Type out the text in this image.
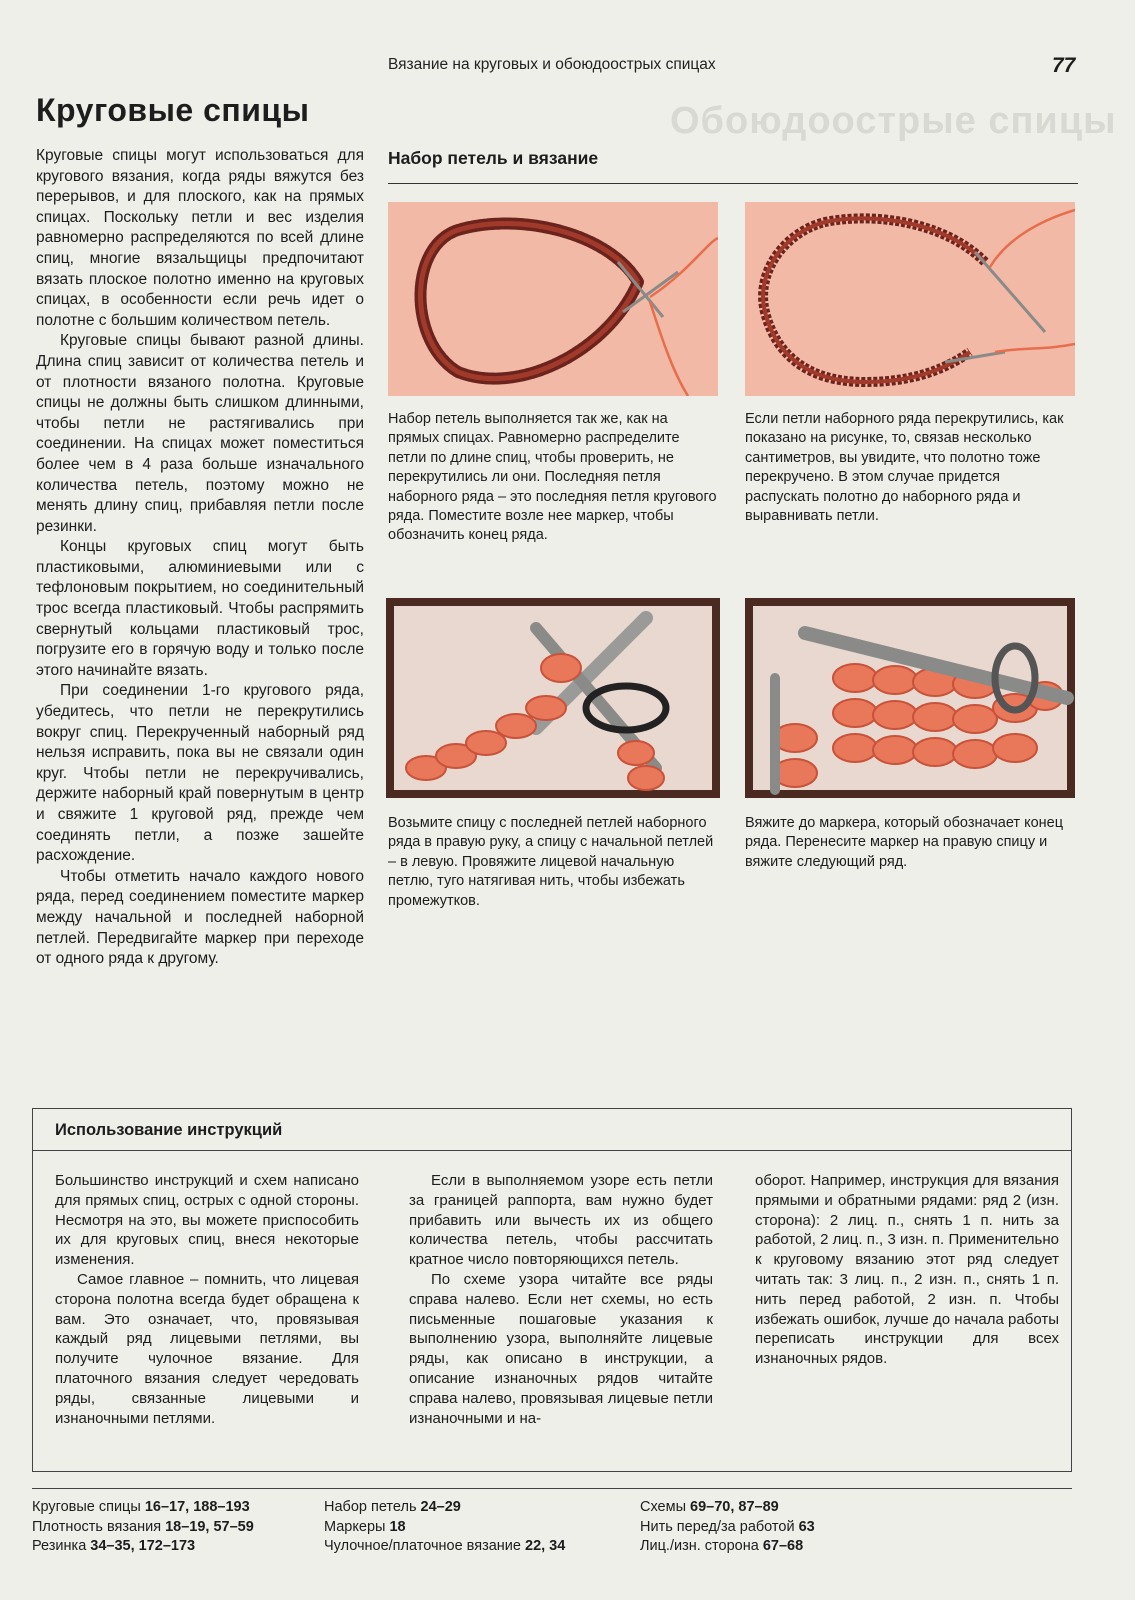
Обоюдоострые спицы
Вязание на круговых и обоюдоострых спицах	77
Круговые спицы

Круговые спицы могут использоваться для кругового вязания, когда ряды вяжутся без перерывов, и для плоского, как на прямых спицах. Поскольку петли и вес изделия равномерно распределяются по всей длине спиц, многие вязальщицы предпочитают вязать плоское полотно именно на круговых спицах, в особенности если речь идет о полотне с большим количеством петель.

Круговые спицы бывают разной длины. Длина спиц зависит от количества петель и от плотности вязаного полотна. Круговые спицы не должны быть слишком длинными, чтобы петли не растягивались при соединении. На спицах может поместиться более чем в 4 раза больше изначального количества петель, поэтому можно не менять длину спиц, прибавляя петли после резинки.

Концы круговых спиц могут быть пластиковыми, алюминиевыми или с тефлоновым покрытием, но соединительный трос всегда пластиковый. Чтобы распрямить свернутый кольцами пластиковый трос, погрузите его в горячую воду и только после этого начинайте вязать.

При соединении 1-го кругового ряда, убедитесь, что петли не перекрутились вокруг спиц. Перекрученный наборный ряд нельзя исправить, пока вы не связали один круг. Чтобы петли не перекручивались, держите наборный край повернутым в центр и свяжите 1 круговой ряд, прежде чем соединять петли, а позже зашейте расхождение.

Чтобы отметить начало каждого нового ряда, перед соединением поместите маркер между начальной и последней наборной петлей. Передвигайте маркер при переходе от одного ряда к другому.

Набор петель и вязание
Набор петель выполняется так же, как на прямых спицах. Равномерно распределите петли по длине спиц, чтобы проверить, не перекрутились ли они. Последняя петля наборного ряда – это последняя петля кругового ряда. Поместите возле нее маркер, чтобы обозначить конец ряда.
Если петли наборного ряда перекрутились, как показано на рисунке, то, связав несколько сантиметров, вы увидите, что полотно тоже перекручено. В этом случае придется распускать полотно до наборного ряда и выравнивать петли.
Возьмите спицу с последней петлей наборного ряда в правую руку, а спицу с начальной петлей – в левую. Провяжите лицевой начальную петлю, туго натягивая нить, чтобы избежать промежутков.
Вяжите до маркера, который обозначает конец ряда. Перенесите маркер на правую спицу и вяжите следующий ряд.
Использование инструкций

Большинство инструкций и схем написано для прямых спиц, острых с одной стороны. Несмотря на это, вы можете приспособить их для круговых спиц, внеся некоторые изменения.

Самое главное – помнить, что лицевая сторона полотна всегда будет обращена к вам. Это означает, что, провязывая каждый ряд лицевыми петлями, вы получите чулочное вязание. Для платочного вязания следует чередовать ряды, связанные лицевыми и изнаночными петлями.

Если в выполняемом узоре есть петли за границей раппорта, вам нужно будет прибавить или вычесть их из общего количества петель, чтобы рассчитать кратное число повторяющихся петель.

По схеме узора читайте все ряды справа налево. Если нет схемы, но есть письменные пошаговые указания к выполнению узора, выполняйте лицевые ряды, как описано в инструкции, а описание изнаночных рядов читайте справа налево, провязывая лицевые петли изнаночными и на-

оборот. Например, инструкция для вязания прямыми и обратными рядами: ряд 2 (изн. сторона): 2 лиц. п., снять 1 п. нить за работой, 2 лиц. п., 3 изн. п. Применительно к круговому вязанию этот ряд следует читать так: 3 лиц. п., 2 изн. п., снять 1 п. нить перед работой, 2 изн. п. Чтобы избежать ошибок, лучше до начала работы переписать инструкции для всех изнаночных рядов.

Круговые спицы 16–17, 188–193
Плотность вязания 18–19, 57–59
Резинка 34–35, 172–173
Набор петель 24–29
Маркеры 18
Чулочное/платочное вязание 22, 34
Схемы 69–70, 87–89
Нить перед/за работой 63
Лиц./изн. сторона 67–68
